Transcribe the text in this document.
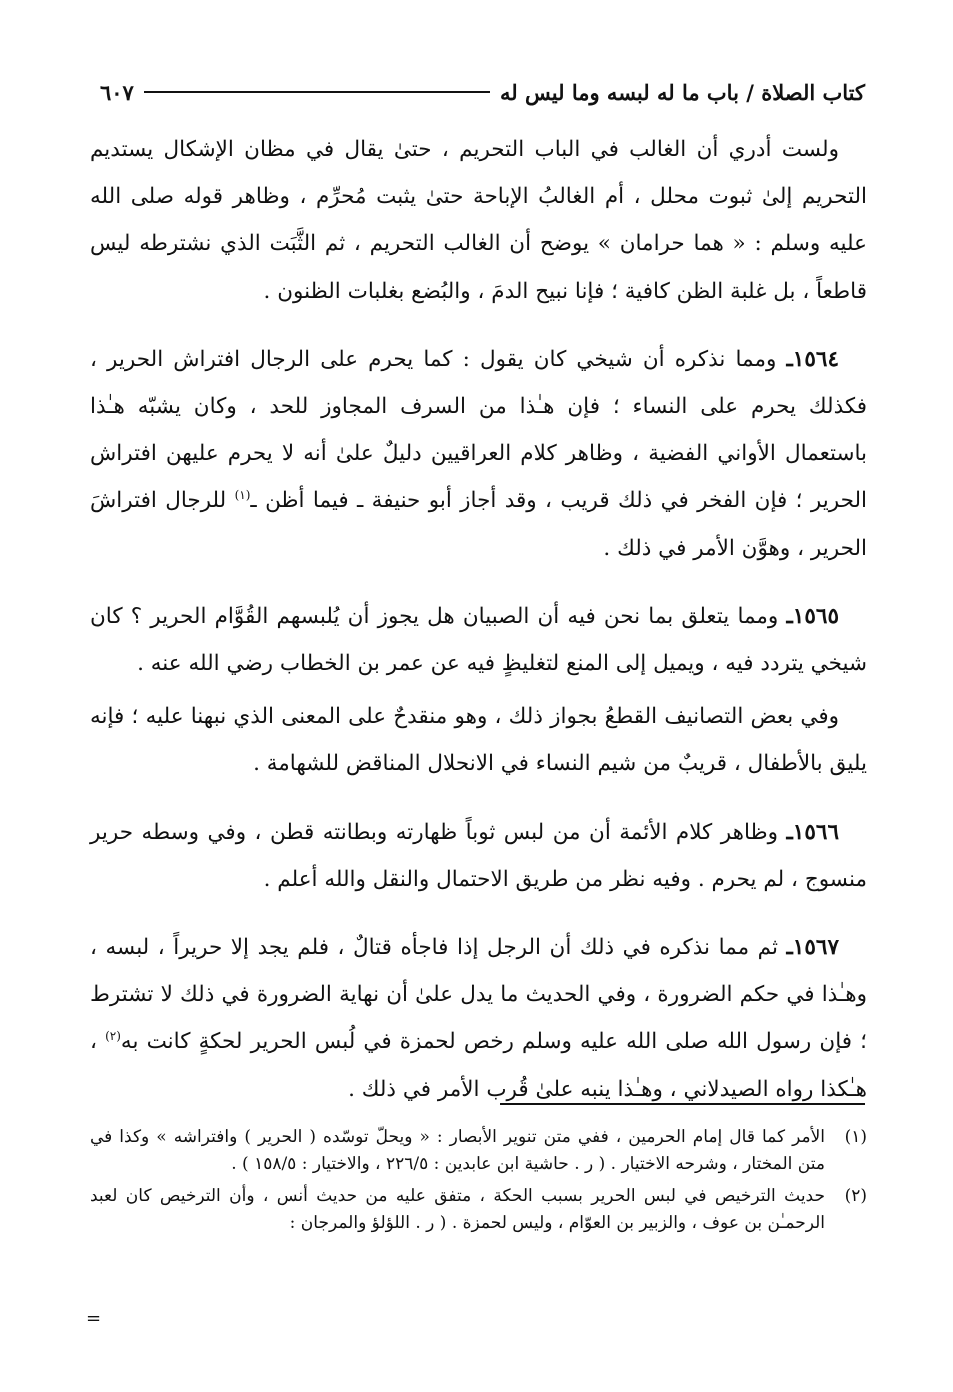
كتاب الصلاة / باب ما له لبسه وما ليس له
٦٠٧

ولست أدري أن الغالب في الباب التحريم ، حتىٰ يقال في مظان الإشكال يستديم التحريم إلىٰ ثبوت محلل ، أم الغالبُ الإباحة حتىٰ يثبت مُحرِّم ، وظاهر قوله صلى الله عليه وسلم : « هما حرامان » يوضح أن الغالب التحريم ، ثم الثَّبَت الذي نشترطه ليس قاطعاً ، بل غلبة الظن كافية ؛ فإنا نبيح الدمَ ، والبُضع بغلبات الظنون .

١٥٦٤ـ ومما نذكره أن شيخي كان يقول : كما يحرم على الرجال افتراش الحرير ، فكذلك يحرم على النساء ؛ فإن هـٰذا من السرف المجاوز للحد ، وكان يشبّه هـٰذا باستعمال الأواني الفضية ، وظاهر كلام العراقيين دليلٌ علىٰ أنه لا يحرم عليهن افتراش الحرير ؛ فإن الفخر في ذلك قريب ، وقد أجاز أبو حنيفة ـ فيما أظن ـ$^{(١)}$ للرجال افتراشَ الحرير ، وهوَّن الأمر في ذلك .

١٥٦٥ـ ومما يتعلق بما نحن فيه أن الصبيان هل يجوز أن يُلبسهم القُوَّام الحرير ؟ كان شيخي يتردد فيه ، ويميل إلى المنع لتغليظٍ فيه عن عمر بن الخطاب رضي الله عنه .

وفي بعض التصانيف القطعُ بجواز ذلك ، وهو منقدحٌ على المعنى الذي نبهنا عليه ؛ فإنه يليق بالأطفال ، قريبٌ من شيم النساء في الانحلال المناقض للشهامة .

١٥٦٦ـ وظاهر كلام الأئمة أن من لبس ثوباً ظهارته وبطانته قطن ، وفي وسطه حرير منسوج ، لم يحرم . وفيه نظر من طريق الاحتمال والنقل والله أعلم .

١٥٦٧ـ ثم مما نذكره في ذلك أن الرجل إذا فاجأه قتالٌ ، فلم يجد إلا حريراً ، لبسه ، وهـٰذا في حكم الضرورة ، وفي الحديث ما يدل علىٰ أن نهاية الضرورة في ذلك لا تشترط ؛ فإن رسول الله صلى الله عليه وسلم رخص لحمزة في لُبس الحرير لحكةٍ كانت به$^{(٢)}$ ، هـٰكذا رواه الصيدلاني ، وهـٰذا ينبه علىٰ قُرب الأمر في ذلك .

(١)
الأمر كما قال إمام الحرمين ، ففي متن تنوير الأبصار : « ويحلّ توسّده ( الحرير ) وافتراشه » وكذا في متن المختار ، وشرحه الاختيار . ( ر . حاشية ابن عابدين : ٢٢٦/٥ ، والاختيار : ١٥٨/٥ ) .
(٢)
حديث الترخيص في لبس الحرير بسبب الحكة ، متفق عليه من حديث أنس ، وأن الترخيص كان لعبد الرحمـٰن بن عوف ، والزبير بن العوّام ، وليس لحمزة . ( ر . اللؤلؤ والمرجان :
=
